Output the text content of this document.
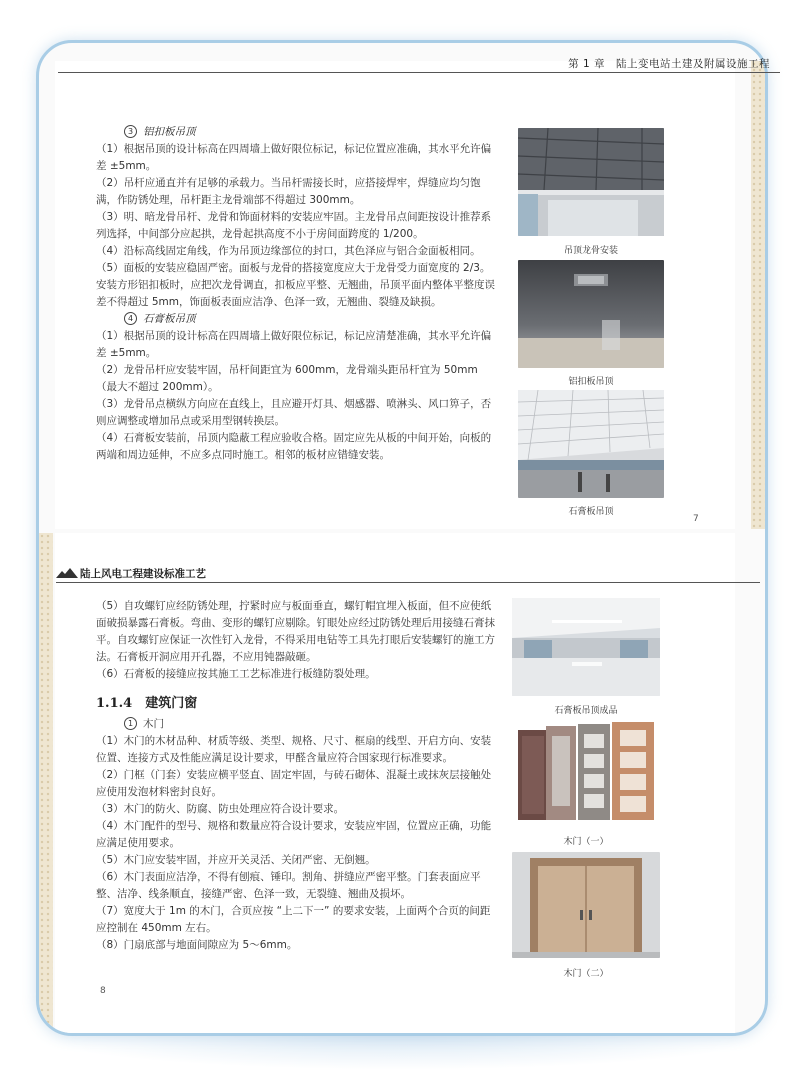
第 1 章　陆上变电站土建及附属设施工程

3 铝扣板吊顶

（1）根据吊顶的设计标高在四周墙上做好限位标记，标记位置应准确，其水平允许偏差 ±5mm。

（2）吊杆应通直并有足够的承载力。当吊杆需接长时，应搭接焊牢，焊缝应均匀饱满，作防锈处理，吊杆距主龙骨端部不得超过 300mm。

（3）明、暗龙骨吊杆、龙骨和饰面材料的安装应牢固。主龙骨吊点间距按设计推荐系列选择，中间部分应起拱，龙骨起拱高度不小于房间面跨度的 1/200。

（4）沿标高线固定角线，作为吊顶边缘部位的封口，其色泽应与铝合金面板相同。

（5）面板的安装应稳固严密。面板与龙骨的搭接宽度应大于龙骨受力面宽度的 2/3。安装方形铝扣板时，应把次龙骨调直，扣板应平整、无翘曲，吊顶平面内整体平整度误差不得超过 5mm，饰面板表面应洁净、色泽一致，无翘曲、裂缝及缺损。

4 石膏板吊顶

（1）根据吊顶的设计标高在四周墙上做好限位标记，标记应清楚准确，其水平允许偏差 ±5mm。

（2）龙骨吊杆应安装牢固，吊杆间距宜为 600mm，龙骨端头距吊杆宜为 50mm（最大不超过 200mm）。

（3）龙骨吊点横纵方向应在直线上，且应避开灯具、烟感器、喷淋头、风口箅子，否则应调整或增加吊点或采用型钢转换层。

（4）石膏板安装前，吊顶内隐蔽工程应验收合格。固定应先从板的中间开始，向板的两端和周边延伸，不应多点同时施工。相邻的板材应错缝安装。

吊顶龙骨安装
铝扣板吊顶
石膏板吊顶
7
陆上风电工程建设标准工艺

（5）自攻螺钉应经防锈处理，拧紧时应与板面垂直，螺钉帽宜埋入板面，但不应使纸面破损暴露石膏板。弯曲、变形的螺钉应剔除。钉眼处应经过防锈处理后用接缝石膏抹平。自攻螺钉应保证一次性钉入龙骨，不得采用电钻等工具先打眼后安装螺钉的施工方法。石膏板开洞应用开孔器，不应用钝器敲砸。

（6）石膏板的接缝应按其施工工艺标准进行板缝防裂处理。

1.1.4　建筑门窗

1 木门

（1）木门的木材品种、材质等级、类型、规格、尺寸、框扇的线型、开启方向、安装位置、连接方式及性能应满足设计要求，甲醛含量应符合国家现行标准要求。

（2）门框（门套）安装应横平竖直、固定牢固，与砖石砌体、混凝土或抹灰层接触处应使用发泡材料密封良好。

（3）木门的防火、防腐、防虫处理应符合设计要求。

（4）木门配件的型号、规格和数量应符合设计要求，安装应牢固，位置应正确，功能应满足使用要求。

（5）木门应安装牢固，并应开关灵活、关闭严密、无倒翘。

（6）木门表面应洁净，不得有刨痕、锤印。割角、拼缝应严密平整。门套表面应平整、洁净、线条顺直，接缝严密、色泽一致，无裂缝、翘曲及损坏。

（7）宽度大于 1m 的木门，合页应按 “上二下一” 的要求安装，上面两个合页的间距应控制在 450mm 左右。

（8）门扇底部与地面间隙应为 5～6mm。

石膏板吊顶成品
木门（一）
木门（二）
8
